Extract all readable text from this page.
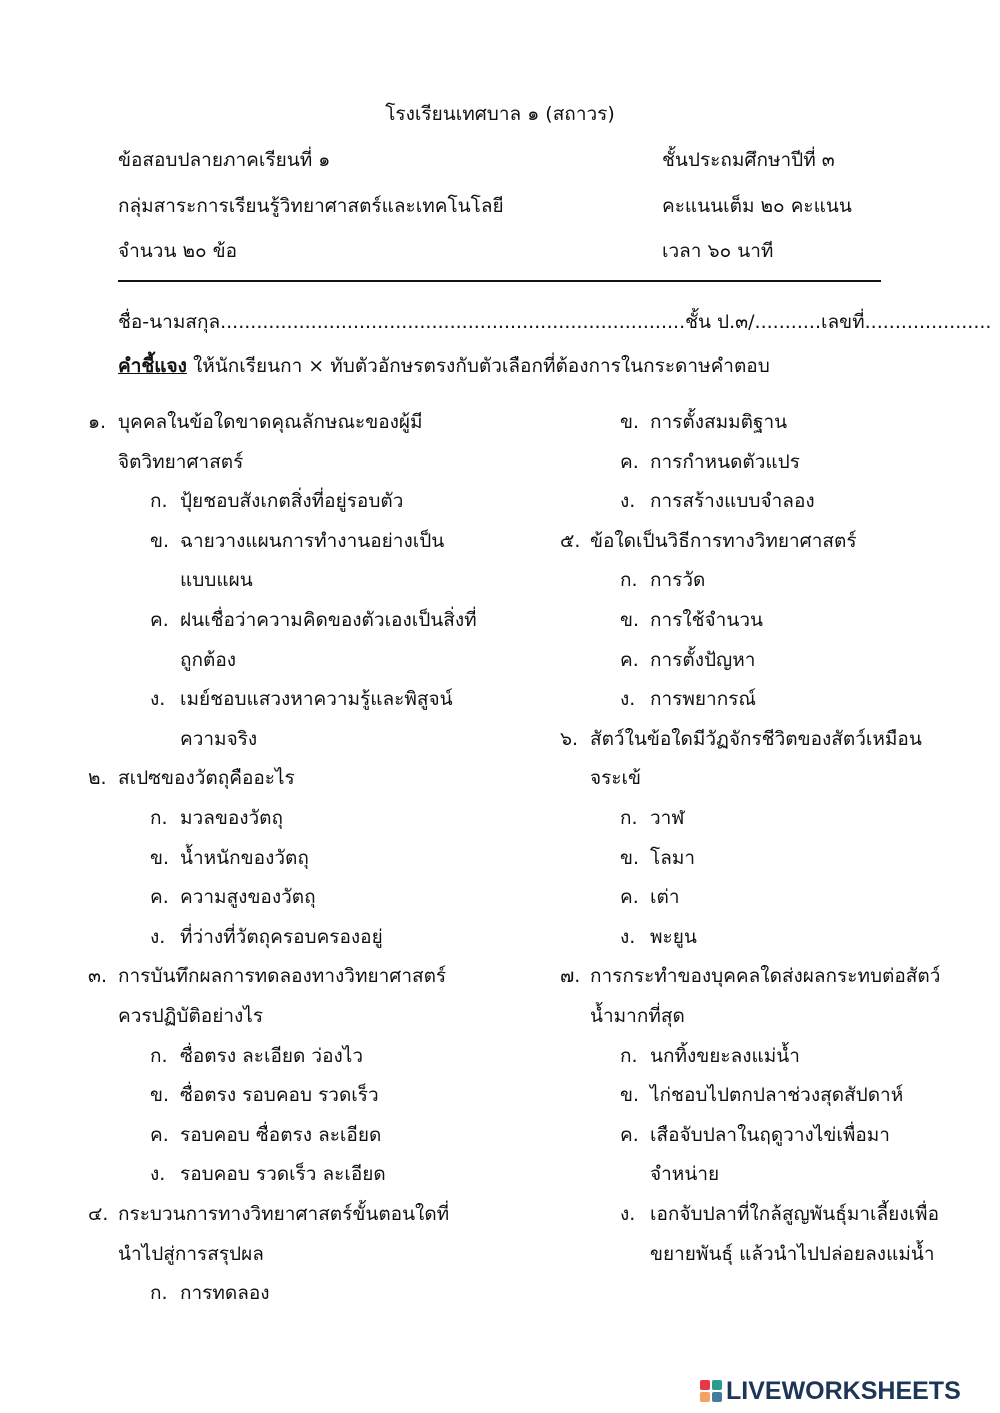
โรงเรียนเทศบาล ๑ (สถาวร)
ข้อสอบปลายภาคเรียนที่ ๑	ชั้นประถมศึกษาปีที่ ๓
กลุ่มสาระการเรียนรู้วิทยาศาสตร์และเทคโนโลยี	คะแนนเต็ม ๒๐ คะแนน
จำนวน ๒๐ ข้อ	เวลา ๖๐ นาที
ชื่อ-นามสกุล.............................................................................ชั้น ป.๓/...........เลขที่.....................
คำชี้แจง ให้นักเรียนกา × ทับตัวอักษรตรงกับตัวเลือกที่ต้องการในกระดาษคำตอบ
๑. บุคคลในข้อใดขาดคุณลักษณะของผู้มี
จิตวิทยาศาสตร์
ก. ปุ้ยชอบสังเกตสิ่งที่อยู่รอบตัว
ข. ฉายวางแผนการทำงานอย่างเป็น
แบบแผน
ค. ฝนเชื่อว่าความคิดของตัวเองเป็นสิ่งที่
ถูกต้อง
ง. เมย์ชอบแสวงหาความรู้และพิสูจน์
ความจริง
๒. สเปซของวัตถุคืออะไร
ก. มวลของวัตถุ
ข. น้ำหนักของวัตถุ
ค. ความสูงของวัตถุ
ง. ที่ว่างที่วัตถุครอบครองอยู่
๓. การบันทึกผลการทดลองทางวิทยาศาสตร์
ควรปฏิบัติอย่างไร
ก. ซื่อตรง ละเอียด ว่องไว
ข. ซื่อตรง รอบคอบ รวดเร็ว
ค. รอบคอบ ซื่อตรง ละเอียด
ง. รอบคอบ รวดเร็ว ละเอียด
๔. กระบวนการทางวิทยาศาสตร์ขั้นตอนใดที่
นำไปสู่การสรุปผล
ก. การทดลอง
ข. การตั้งสมมติฐาน
ค. การกำหนดตัวแปร
ง. การสร้างแบบจำลอง
๕. ข้อใดเป็นวิธีการทางวิทยาศาสตร์
ก. การวัด
ข. การใช้จำนวน
ค. การตั้งปัญหา
ง. การพยากรณ์
๖. สัตว์ในข้อใดมีวัฏจักรชีวิตของสัตว์เหมือน
จระเข้
ก. วาฬ
ข. โลมา
ค. เต่า
ง. พะยูน
๗. การกระทำของบุคคลใดส่งผลกระทบต่อสัตว์
น้ำมากที่สุด
ก. นกทิ้งขยะลงแม่น้ำ
ข. ไก่ชอบไปตกปลาช่วงสุดสัปดาห์
ค. เสือจับปลาในฤดูวางไข่เพื่อมา
จำหน่าย
ง. เอกจับปลาที่ใกล้สูญพันธุ์มาเลี้ยงเพื่อ
ขยายพันธุ์ แล้วนำไปปล่อยลงแม่น้ำ
LIVEWORKSHEETS
